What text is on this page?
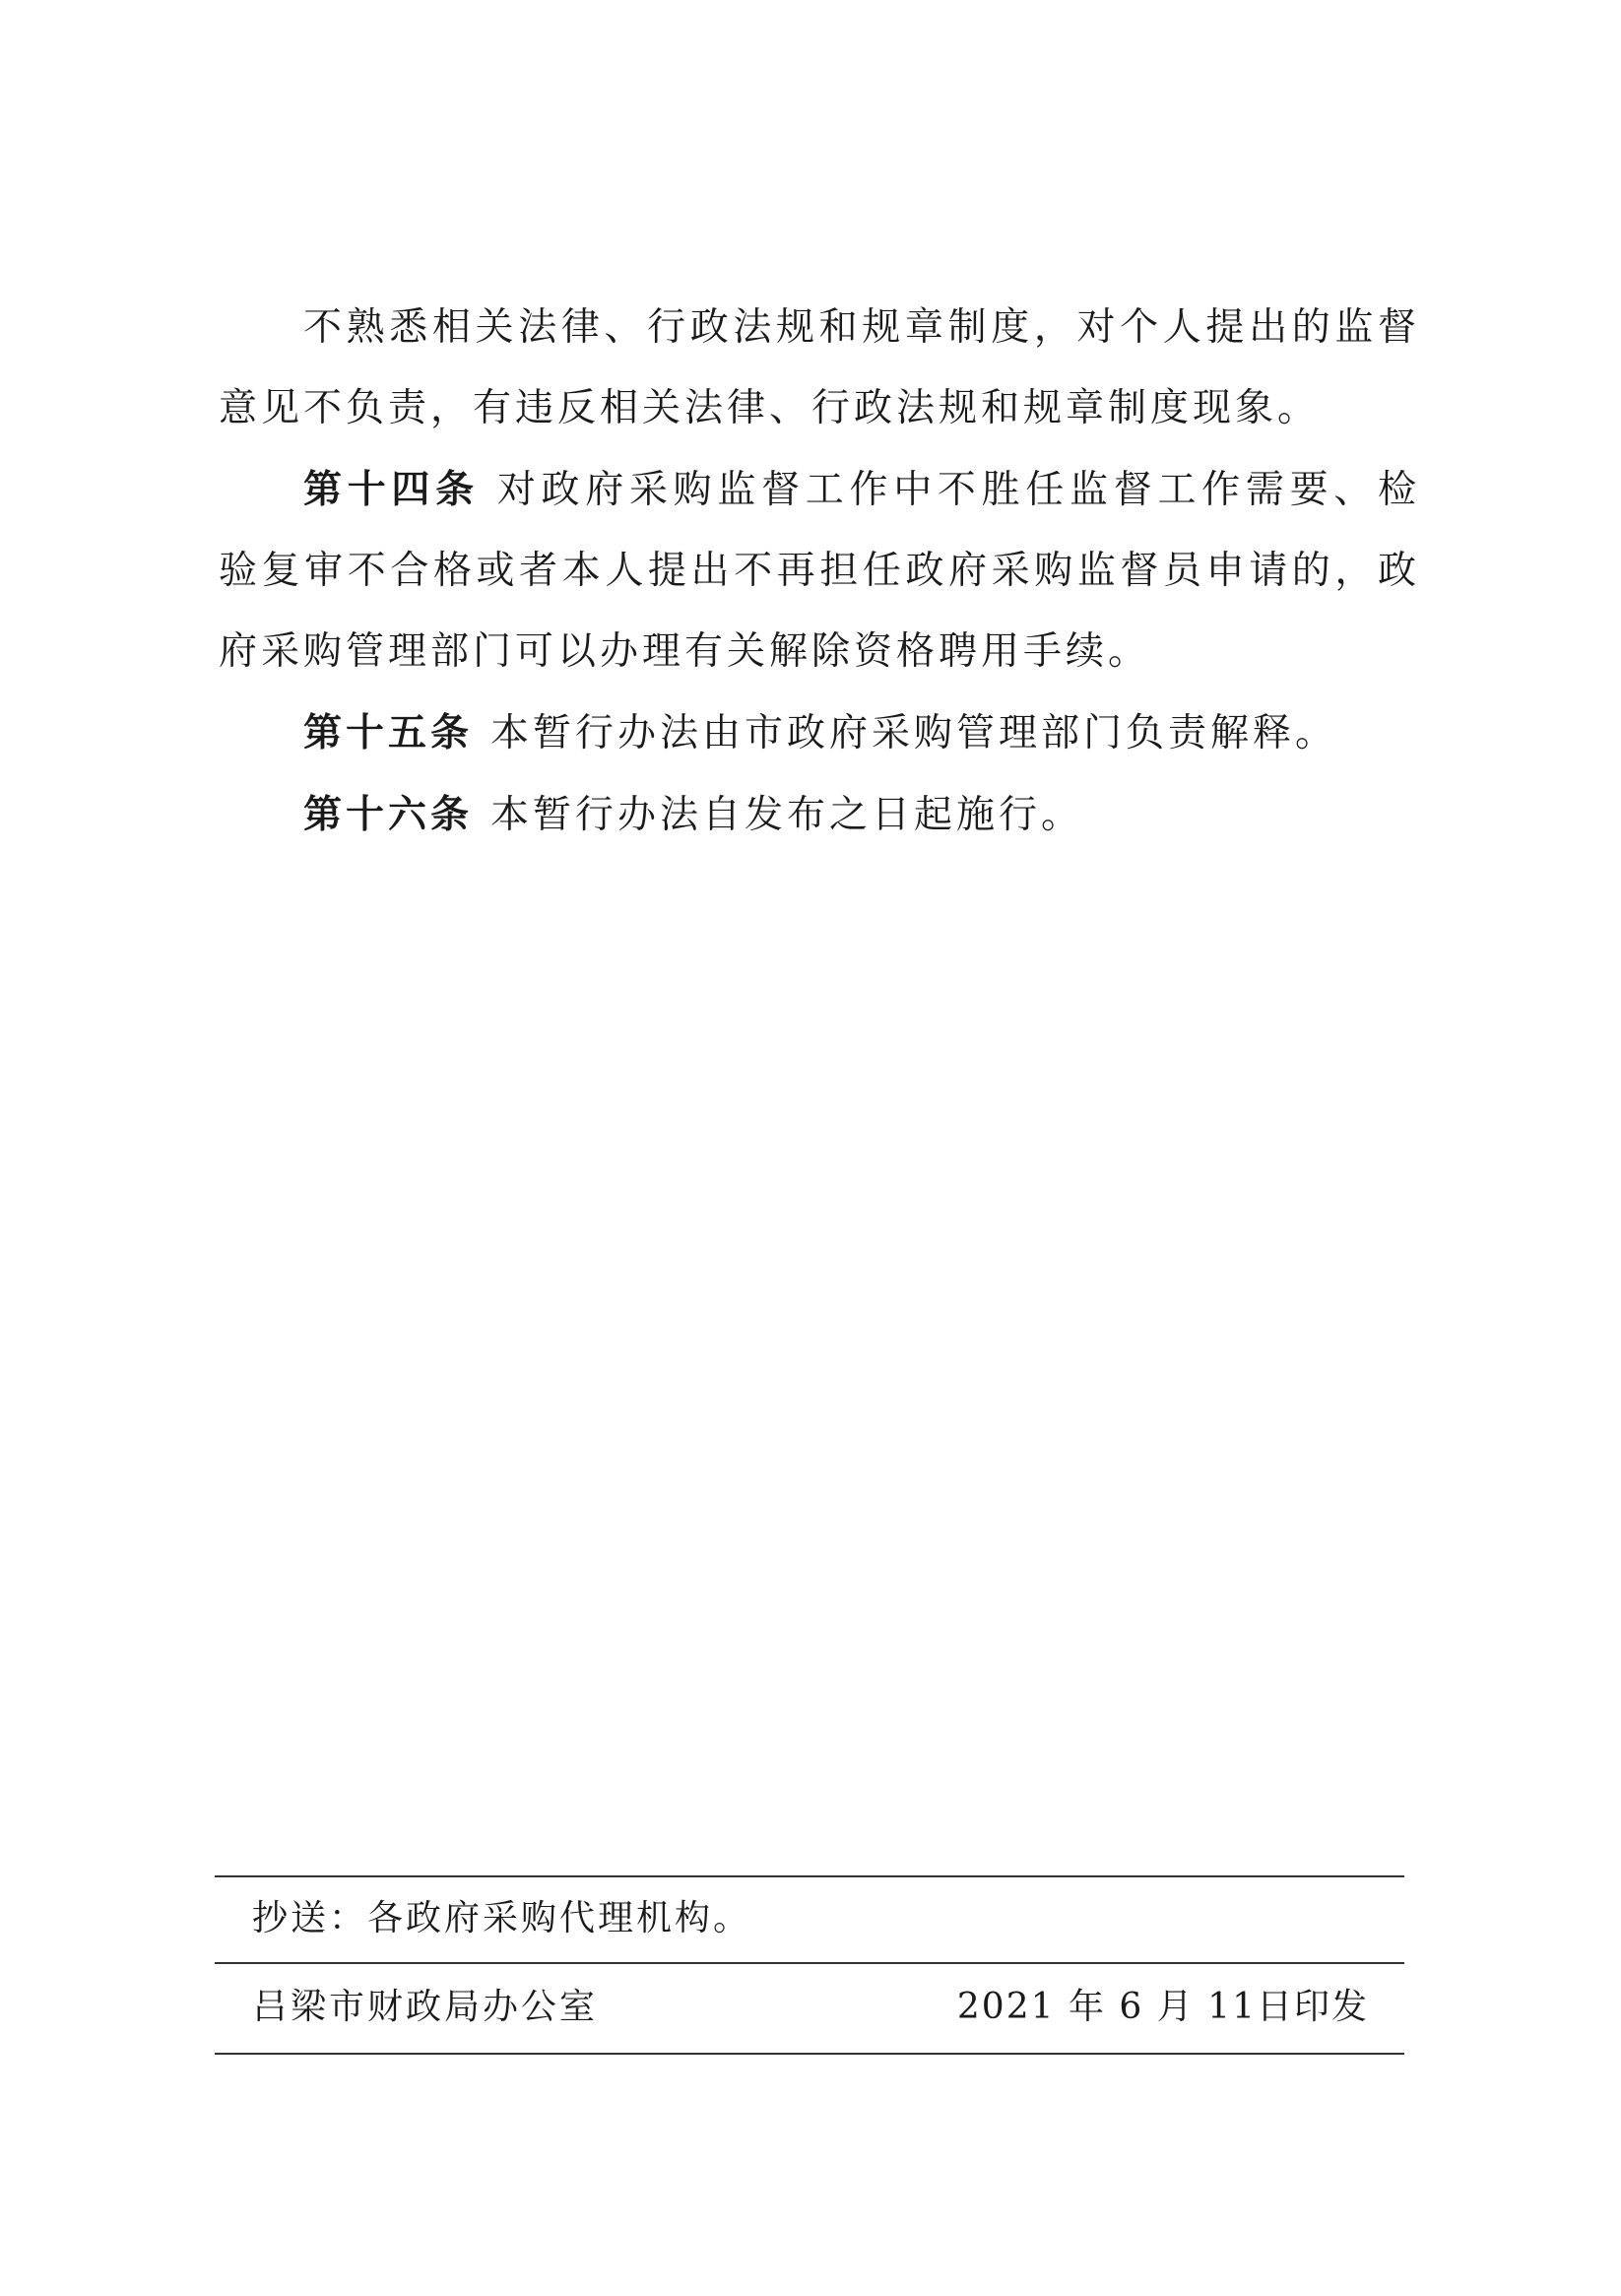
不熟悉相关法律、行政法规和规章制度，对个人提出的监督意见不负责，有违反相关法律、行政法规和规章制度现象。

第十四条 对政府采购监督工作中不胜任监督工作需要、检验复审不合格或者本人提出不再担任政府采购监督员申请的，政府采购管理部门可以办理有关解除资格聘用手续。

第十五条 本暂行办法由市政府采购管理部门负责解释。

第十六条 本暂行办法自发布之日起施行。

抄送：各政府采购代理机构。
吕梁市财政局办公室	2021 年 6 月 11日印发
